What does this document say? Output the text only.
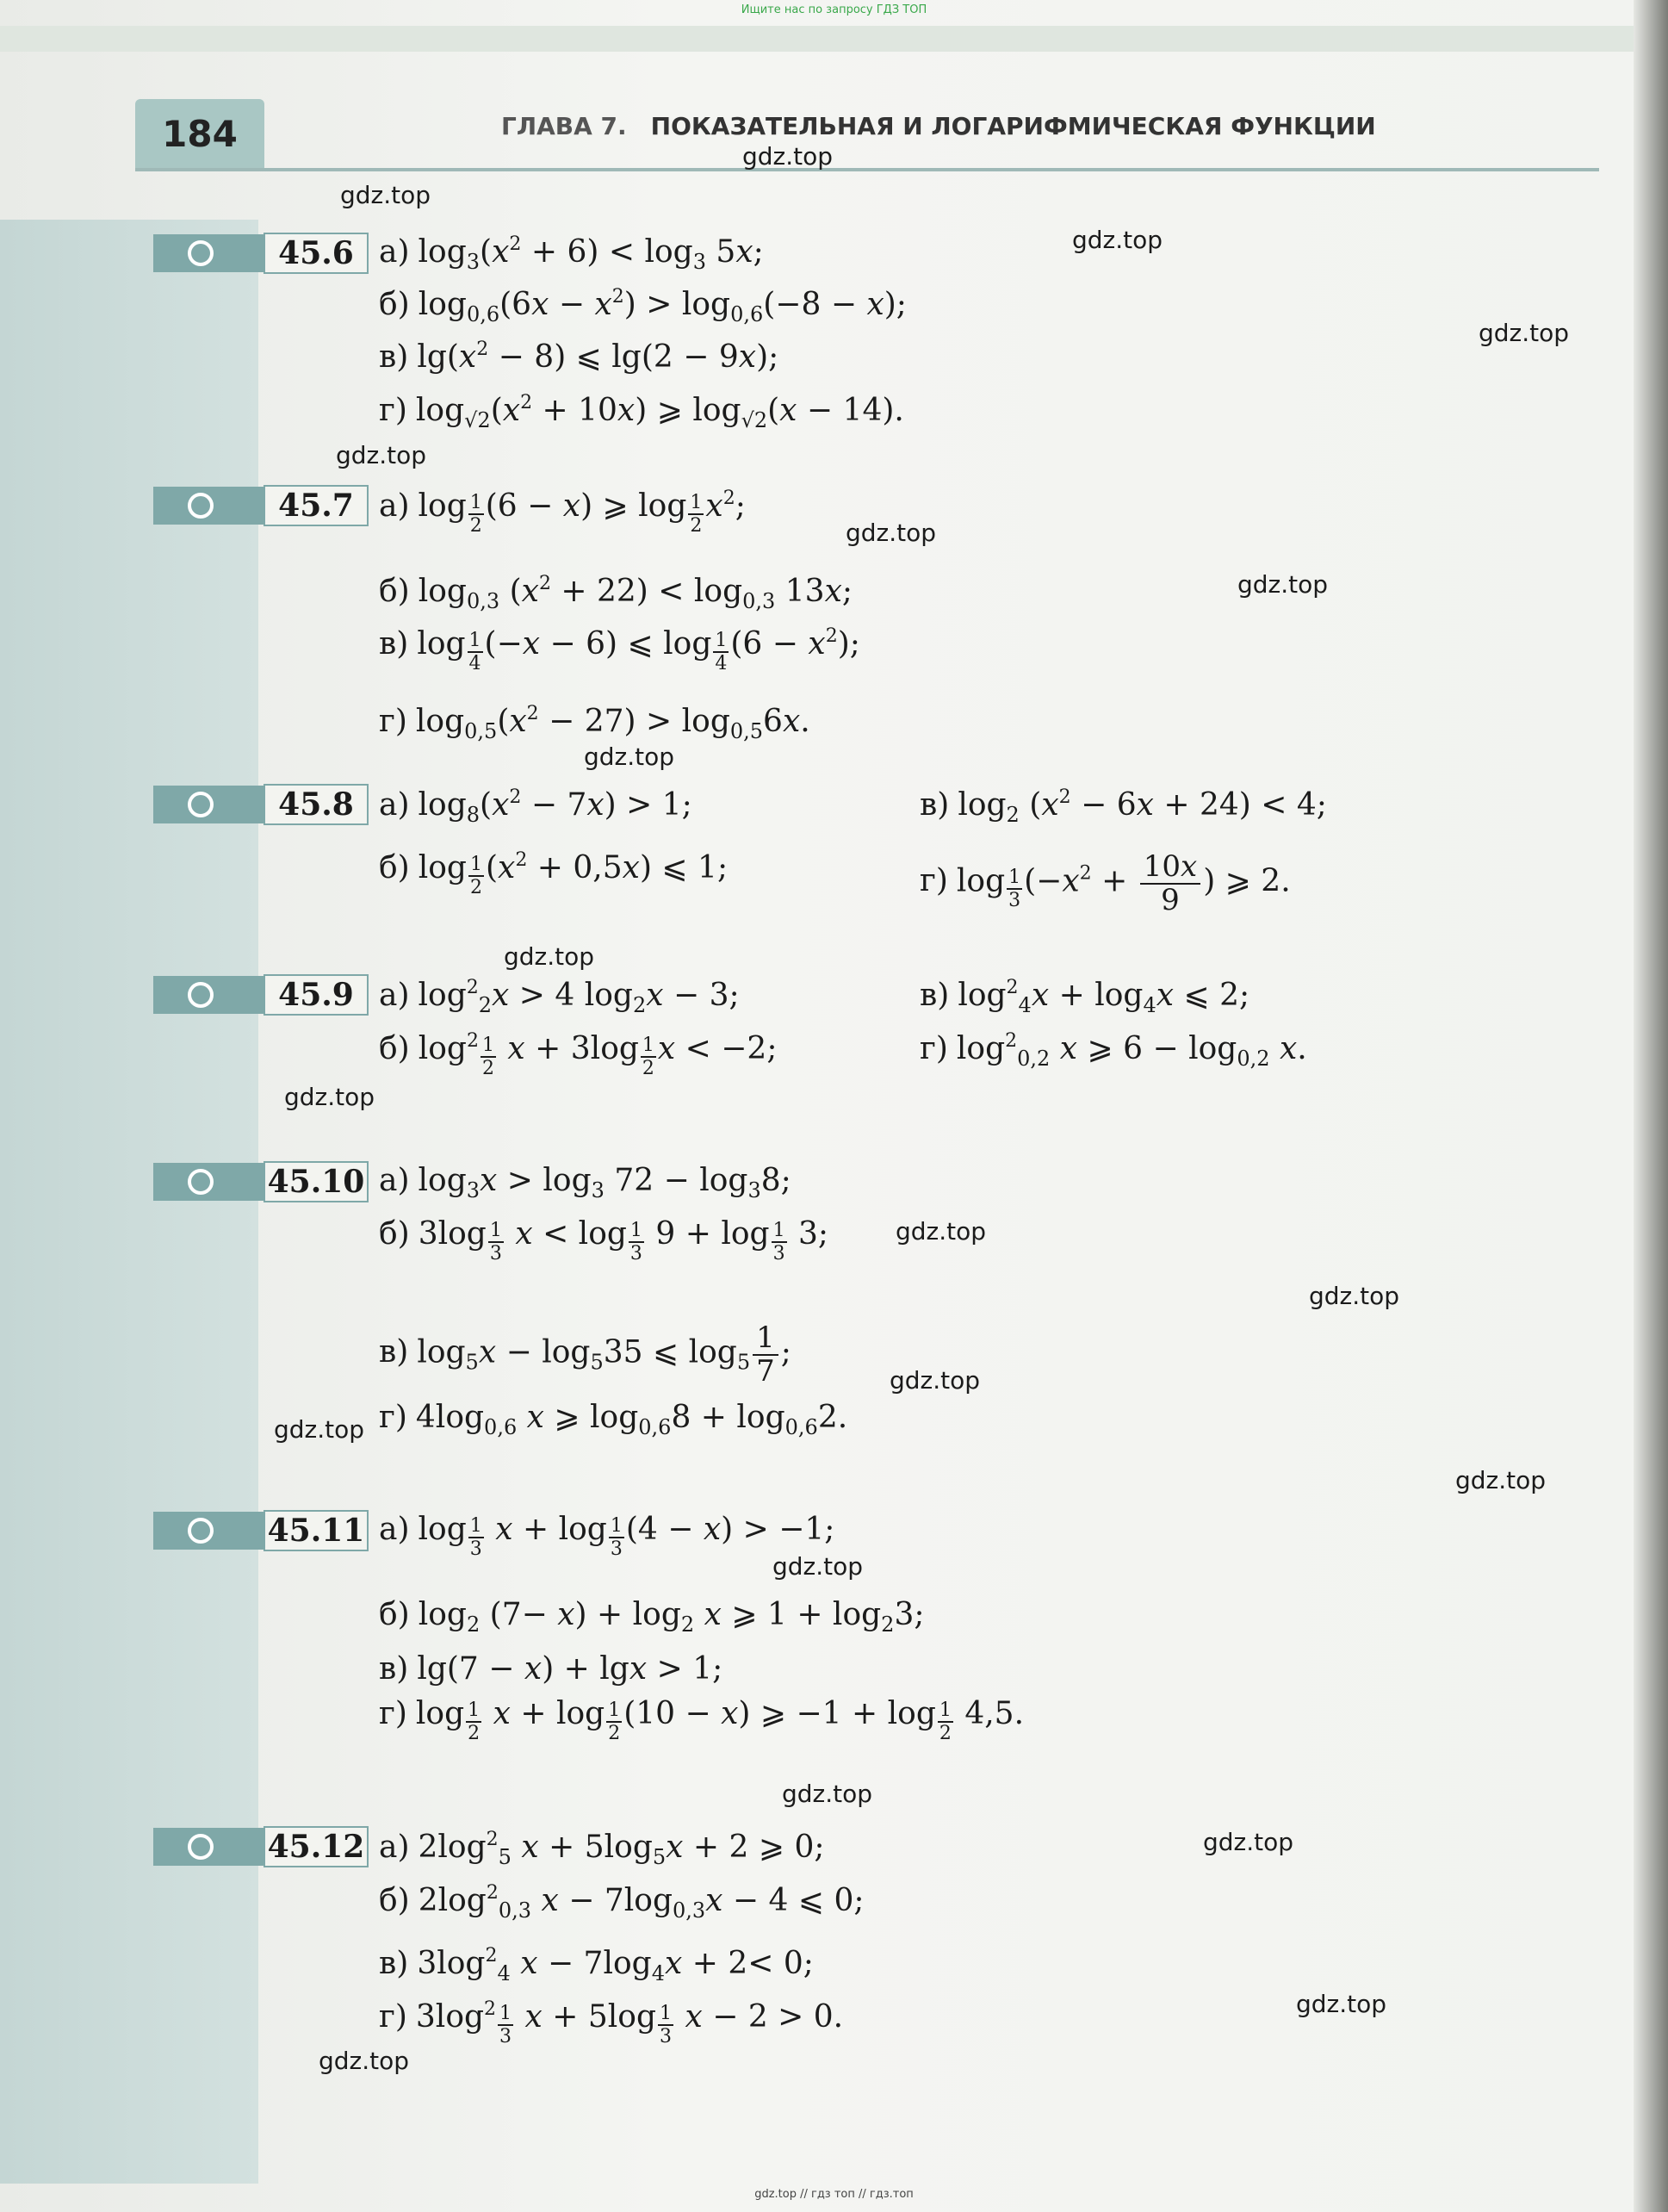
Ищите нас по запросу ГДЗ ТОП
184	ГЛАВА 7. ПОКАЗАТЕЛЬНАЯ И ЛОГАРИФМИЧЕСКАЯ ФУНКЦИИ
gdz.top
gdz.top
gdz.top
gdz.top
gdz.top
gdz.top
gdz.top
gdz.top
gdz.top
gdz.top
gdz.top
gdz.top
gdz.top
gdz.top
gdz.top
gdz.top
gdz.top
gdz.top
gdz.top
gdz.top
45.6 а) $\log_3(x^2 + 6) < \log_3 5x$;
б) $\log_{0,6}(6x - x^2) > \log_{0,6}(-8 - x)$;
в) $\lg(x^2 - 8)$ ⩽ lg(2 − 9x);
г) $\log_{√2}(x^2 + 10x)$ ⩾ $\log_{√2}(x - 14)$.
45.7 а) $\log \frac{1}{2} (6 - x)$ ⩾ $\log \frac{1}{2} x^2$;
б) $\log_{0,3} (x^2 + 22) < \log_{0,3} 13x$;
в) $\log \frac{1}{4} (-x - 6)$ ⩽ $\log \frac{1}{4} (6 - x^2)$;
г) $\log_{0,5}(x^2 - 27) > \log_{0,5}6x$.
45.8 а) $\log_8(x^2 - 7x) > 1$;	в) $\log_2 (x^2 - 6x + 24) < 4$;
б) $\log \frac{1}{2} (x^2 + 0,5x)$ ⩽ 1;	г) $\log \frac{1}{3} (-x^2 + \frac{10x}{9}$ ) ⩾ 2.
45.9 а) $\log^2_2x > 4$ $\log_2x - 3$;	в) $\log^2_4x + \log_4x$ ⩽ 2;
б) $\log^2 \frac{1}{2}$ $x + 3\log \frac{1}{2}$ x < −2;	г) $\log^2_{0,2} x$ ⩾ $6 - \log_{0,2} x$.
45.10 а) $\log_3x > \log_3 72 - \log_38$;
б) $3\log \frac{1}{3}$ $x < \log \frac{1}{3} 9 + \log \frac{1}{3} 3$;
в) $\log_5x - \log_535$ ⩽ $\log_5 \frac{1}{7}$ ;
г) $4\log_{0,6}$ x ⩾ $\log_{0,6}8 + \log_{0,6}2$.
45.11 а) $\log \frac{1}{3}$ $x + \log \frac{1}{3} (4 - x) > -1$;
б) $\log_2 (7- x) + \log_2 x$ ⩾ $1 + \log_23$;
в) lg(7 − x) + lgx > 1;
г) $\log \frac{1}{2}$ $x + \log \frac{1}{2} (10 - x)$ ⩾ $-1 + \log \frac{1}{2} 4,5$.
45.12 а) $2\log^2_5$ $x + 5\log_5x + 2$ ⩾ 0;
б) $2\log^2_{0,3}$ $x - 7\log_{0,3}x - 4$ ⩽ 0;
в) $3\log^2_4$ $x - 7\log_4x + 2< 0$;
г) $3\log^2 \frac{1}{3}$ $x + 5\log \frac{1}{3}$ x − 2 > 0.
gdz.top // гдз топ // гдз.топ
